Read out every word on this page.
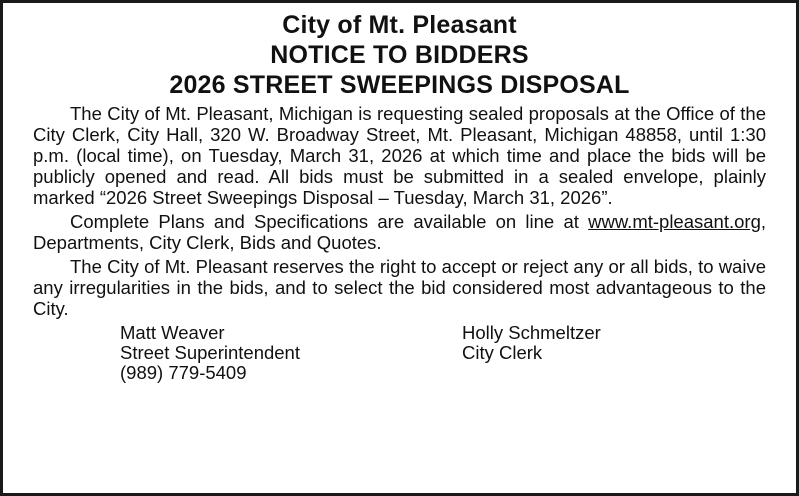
City of Mt. Pleasant
NOTICE TO BIDDERS
2026 STREET SWEEPINGS DISPOSAL

The City of Mt. Pleasant, Michigan is requesting sealed proposals at the Office of the City Clerk, City Hall, 320 W. Broadway Street, Mt. Pleasant, Michigan 48858, until 1:30 p.m. (local time), on Tuesday, March 31, 2026 at which time and place the bids will be publicly opened and read. All bids must be submitted in a sealed envelope, plainly marked “2026 Street Sweepings Disposal – Tuesday, March 31, 2026”.

Complete Plans and Specifications are available on line at www.mt-pleasant.org, Departments, City Clerk, Bids and Quotes.

The City of Mt. Pleasant reserves the right to accept or reject any or all bids, to waive any irregularities in the bids, and to select the bid considered most advantageous to the City.

Matt Weaver
Street Superintendent
(989) 779-5409
Holly Schmeltzer
City Clerk
